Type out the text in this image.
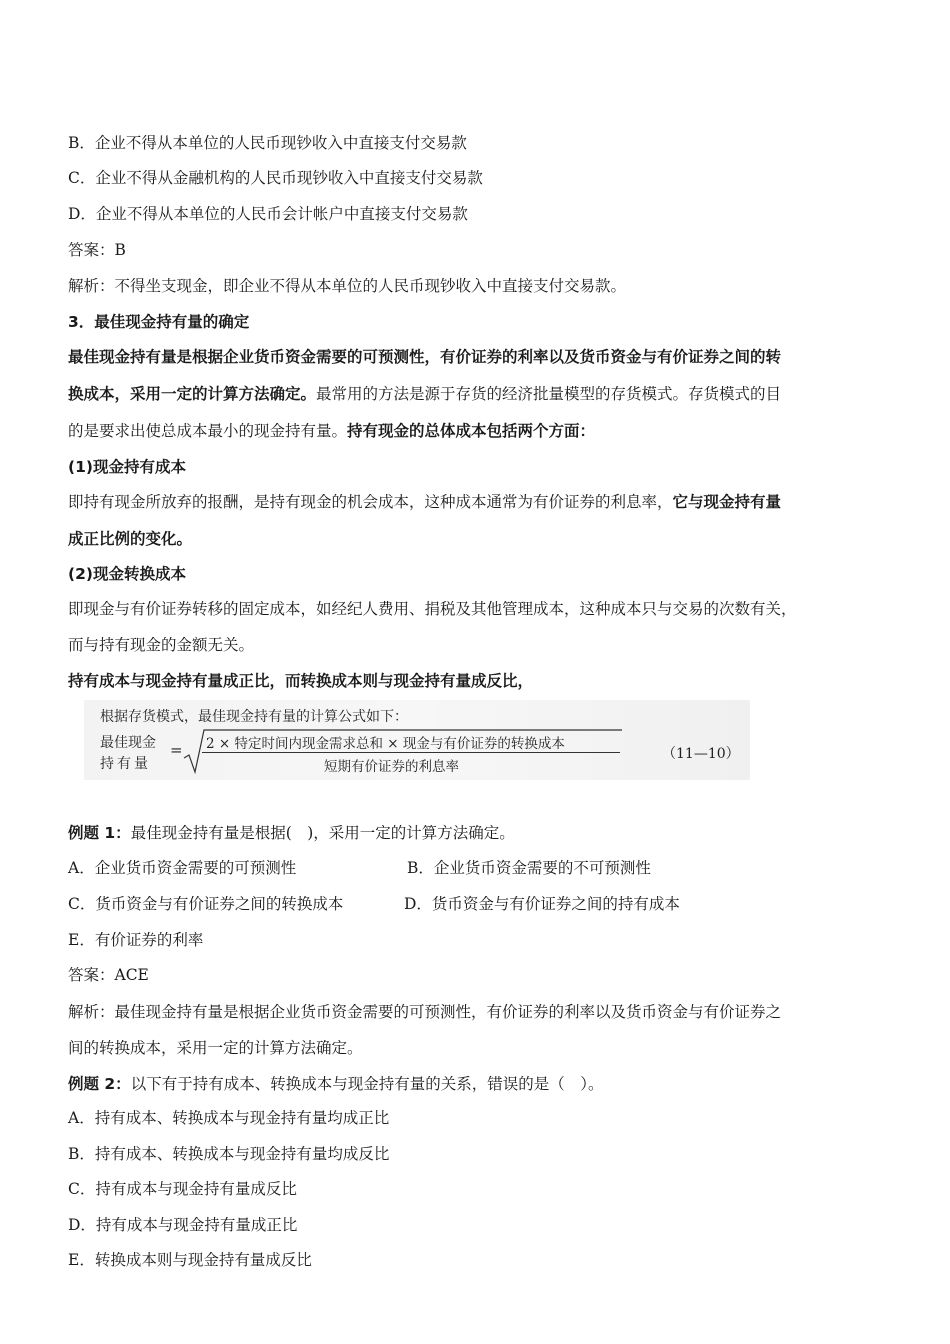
B．企业不得从本单位的人民币现钞收入中直接支付交易款
C．企业不得从金融机构的人民币现钞收入中直接支付交易款
D．企业不得从本单位的人民币会计帐户中直接支付交易款
答案：B
解析：不得坐支现金，即企业不得从本单位的人民币现钞收入中直接支付交易款。
3．最佳现金持有量的确定
最佳现金持有量是根据企业货币资金需要的可预测性，有价证券的利率以及货币资金与有价证券之间的转
换成本，采用一定的计算方法确定。最常用的方法是源于存货的经济批量模型的存货模式。存货模式的目
的是要求出使总成本最小的现金持有量。持有现金的总体成本包括两个方面：
(1)现金持有成本
即持有现金所放弃的报酬，是持有现金的机会成本，这种成本通常为有价证券的利息率，它与现金持有量
成正比例的变化。
(2)现金转换成本
即现金与有价证券转移的固定成本，如经纪人费用、捐税及其他管理成本，这种成本只与交易的次数有关，
而与持有现金的金额无关。
持有成本与现金持有量成正比，而转换成本则与现金持有量成反比，
根据存货模式，最佳现金持有量的计算公式如下：
最佳现金
持有量
= 2 × 特定时间内现金需求总和 × 现金与有价证券的转换成本
短期有价证券的利息率
（11—10）
例题 1：最佳现金持有量是根据(　)，采用一定的计算方法确定。
A．企业货币资金需要的可预测性	B．企业货币资金需要的不可预测性
C．货币资金与有价证券之间的转换成本	D．货币资金与有价证券之间的持有成本
E．有价证券的利率
答案：ACE
解析：最佳现金持有量是根据企业货币资金需要的可预测性，有价证券的利率以及货币资金与有价证券之
间的转换成本，采用一定的计算方法确定。
例题 2：以下有于持有成本、转换成本与现金持有量的关系，错误的是（　）。
A．持有成本、转换成本与现金持有量均成正比
B．持有成本、转换成本与现金持有量均成反比
C．持有成本与现金持有量成反比
D．持有成本与现金持有量成正比
E．转换成本则与现金持有量成反比
